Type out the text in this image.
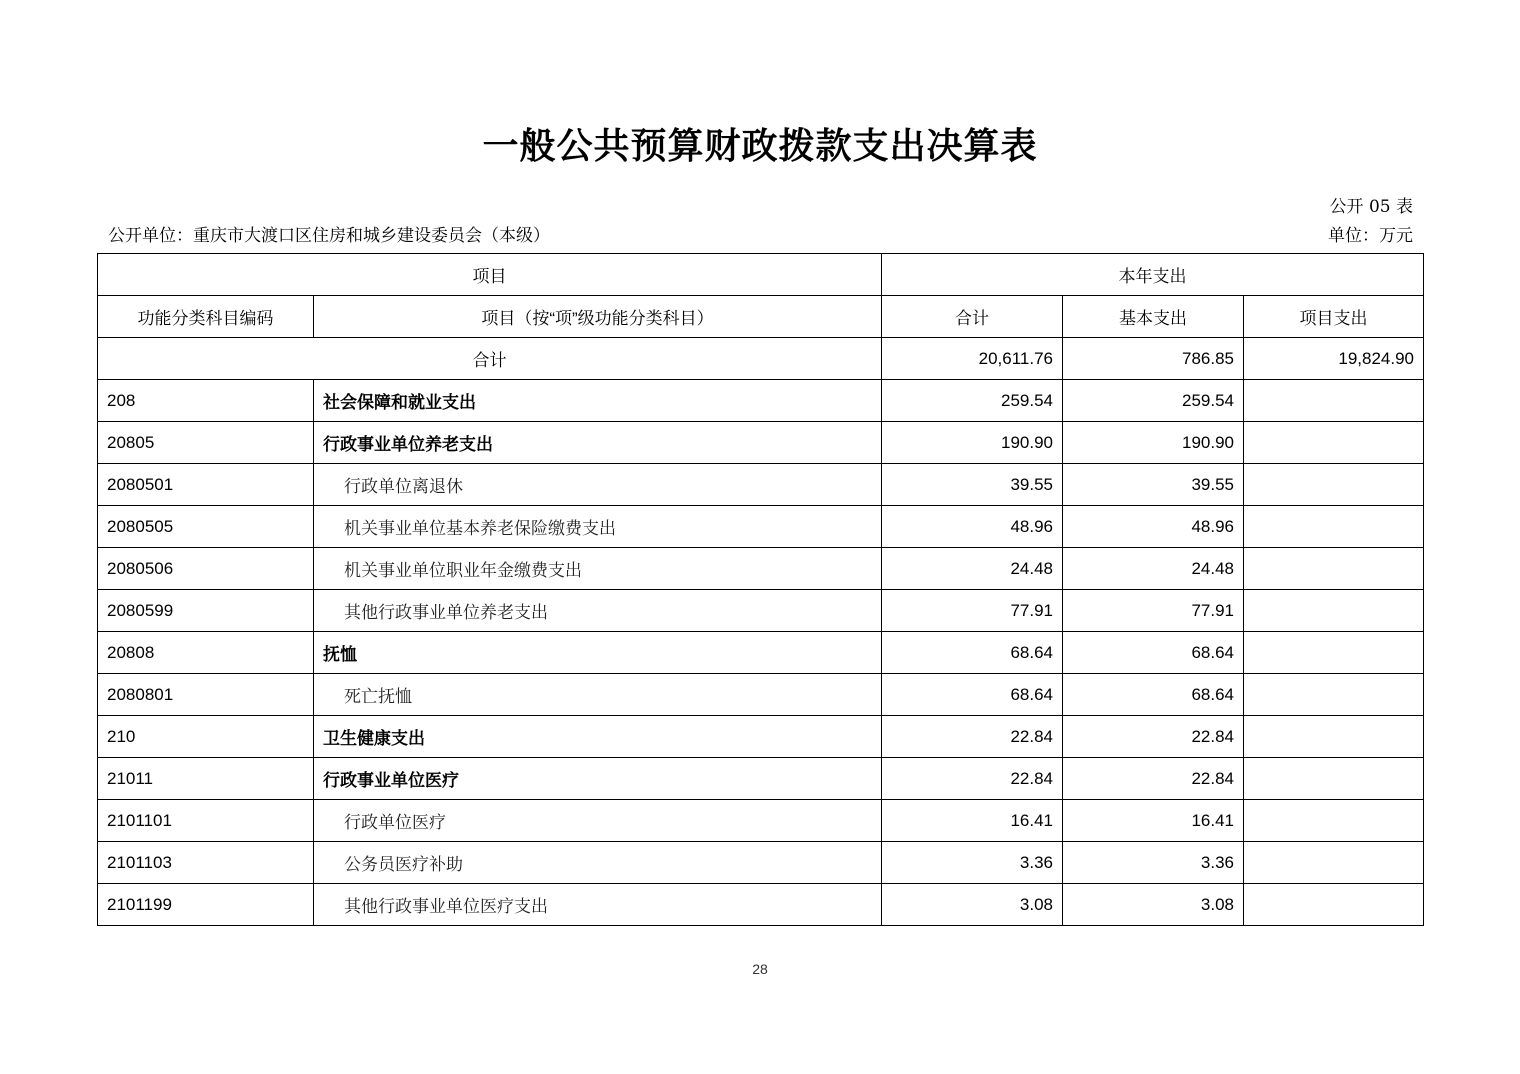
一般公共预算财政拨款支出决算表
公开 05 表
公开单位：重庆市大渡口区住房和城乡建设委员会（本级）	单位：万元
项目		本年支出		
功能分类科目编码	项目（按“项”级功能分类科目）	合计	基本支出	项目支出
合计		20,611.76	786.85	19,824.90
208	社会保障和就业支出	259.54	259.54	
20805	行政事业单位养老支出	190.90	190.90	
2080501	行政单位离退休	39.55	39.55	
2080505	机关事业单位基本养老保险缴费支出	48.96	48.96	
2080506	机关事业单位职业年金缴费支出	24.48	24.48	
2080599	其他行政事业单位养老支出	77.91	77.91	
20808	抚恤	68.64	68.64	
2080801	死亡抚恤	68.64	68.64	
210	卫生健康支出	22.84	22.84	
21011	行政事业单位医疗	22.84	22.84	
2101101	行政单位医疗	16.41	16.41	
2101103	公务员医疗补助	3.36	3.36	
2101199	其他行政事业单位医疗支出	3.08	3.08	
28
